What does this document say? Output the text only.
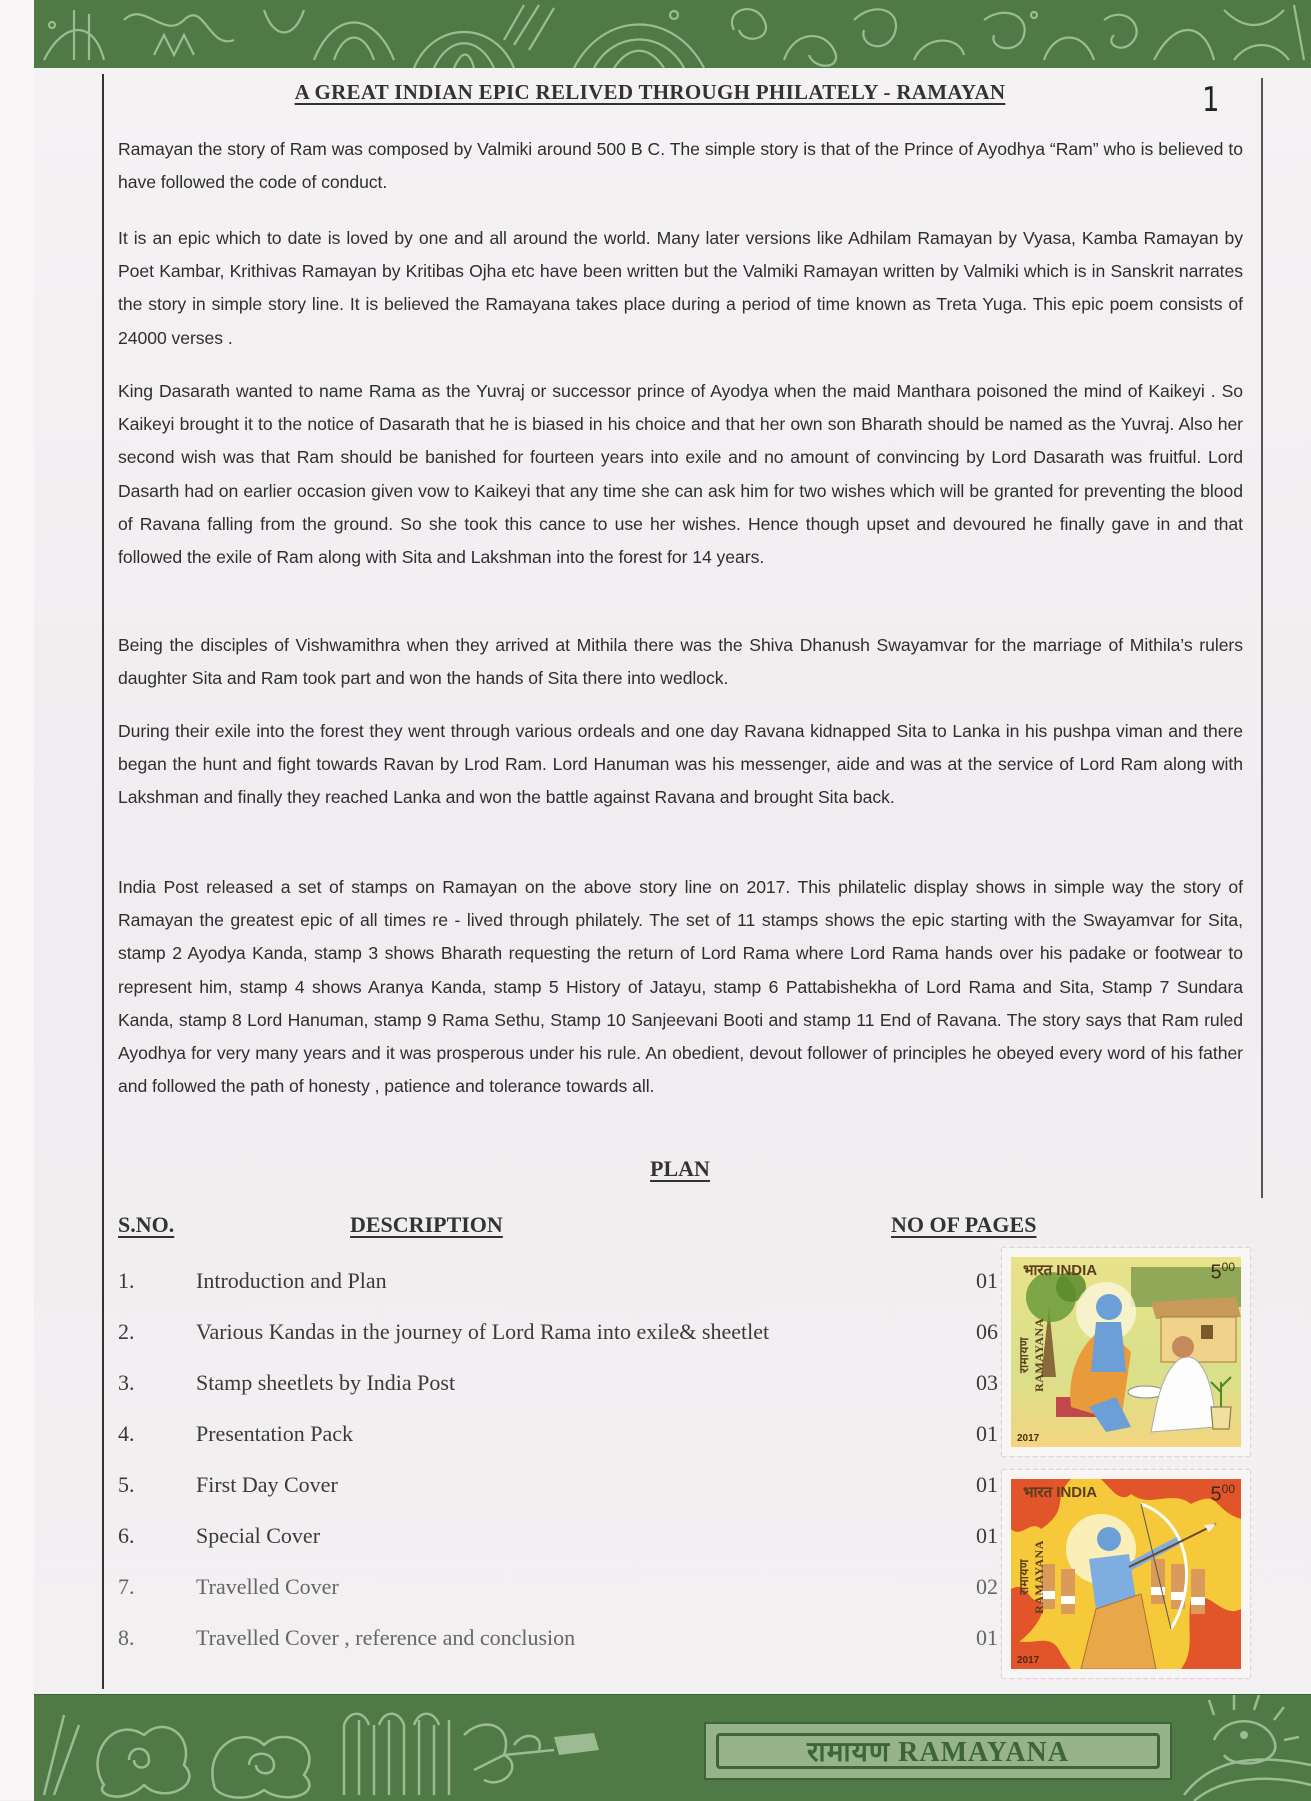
A GREAT INDIAN EPIC RELIVED THROUGH PHILATELY - RAMAYAN	1

Ramayan the story of Ram was composed by Valmiki around 500 B C. The simple story is that of the Prince of Ayodhya “Ram” who is believed to have followed the code of conduct.

It is an epic which to date is loved by one and all around the world. Many later versions like Adhilam Ramayan by Vyasa, Kamba Ramayan by Poet Kambar, Krithivas Ramayan by Kritibas Ojha etc have been written but the Valmiki Ramayan written by Valmiki which is in Sanskrit narrates the story in simple story line. It is believed the Ramayana takes place during a period of time known as Treta Yuga. This epic poem consists of 24000 verses .

King Dasarath wanted to name Rama as the Yuvraj or successor prince of Ayodya when the maid Manthara poisoned the mind of Kaikeyi . So Kaikeyi brought it to the notice of Dasarath that he is biased in his choice and that her own son Bharath should be named as the Yuvraj. Also her second wish was that Ram should be banished for fourteen years into exile and no amount of convincing by Lord Dasarath was fruitful. Lord Dasarth had on earlier occasion given vow to Kaikeyi that any time she can ask him for two wishes which will be granted for preventing the blood of Ravana falling from the ground. So she took this cance to use her wishes. Hence though upset and devoured he finally gave in and that followed the exile of Ram along with Sita and Lakshman into the forest for 14 years.

Being the disciples of Vishwamithra when they arrived at Mithila there was the Shiva Dhanush Swayamvar for the marriage of Mithila’s rulers daughter Sita and Ram took part and won the hands of Sita there into wedlock.

During their exile into the forest they went through various ordeals and one day Ravana kidnapped Sita to Lanka in his pushpa viman and there began the hunt and fight towards Ravan by Lrod Ram. Lord Hanuman was his messenger, aide and was at the service of Lord Ram along with Lakshman and finally they reached Lanka and won the battle against Ravana and brought Sita back.

India Post released a set of stamps on Ramayan on the above story line on 2017. This philatelic display shows in simple way the story of Ramayan the greatest epic of all times re - lived through philately. The set of 11 stamps shows the epic starting with the Swayamvar for Sita, stamp 2 Ayodya Kanda, stamp 3 shows Bharath requesting the return of Lord Rama where Lord Rama hands over his padake or footwear to represent him, stamp 4 shows Aranya Kanda, stamp 5 History of Jatayu, stamp 6 Pattabishekha of Lord Rama and Sita, Stamp 7 Sundara Kanda, stamp 8 Lord Hanuman, stamp 9 Rama Sethu, Stamp 10 Sanjeevani Booti and stamp 11 End of Ravana. The story says that Ram ruled Ayodhya for very many years and it was prosperous under his rule. An obedient, devout follower of principles he obeyed every word of his father and followed the path of honesty , patience and tolerance towards all.

PLAN
S.NO.	DESCRIPTION	NO OF PAGES
1.	Introduction and Plan	01
2.	Various Kandas in the journey of Lord Rama into exile& sheetlet	06
3.	Stamp sheetlets by India Post	03
4.	Presentation Pack	01
5.	First Day Cover	01
6.	Special Cover	01
7.	Travelled Cover	02
8.	Travelled Cover , reference and conclusion	01
भारत INDIA	$5^{00}$
रामायण RAMAYANA
2017
भारत INDIA	$5^{00}$
रामायण RAMAYANA
2017
रामायण RAMAYANA
